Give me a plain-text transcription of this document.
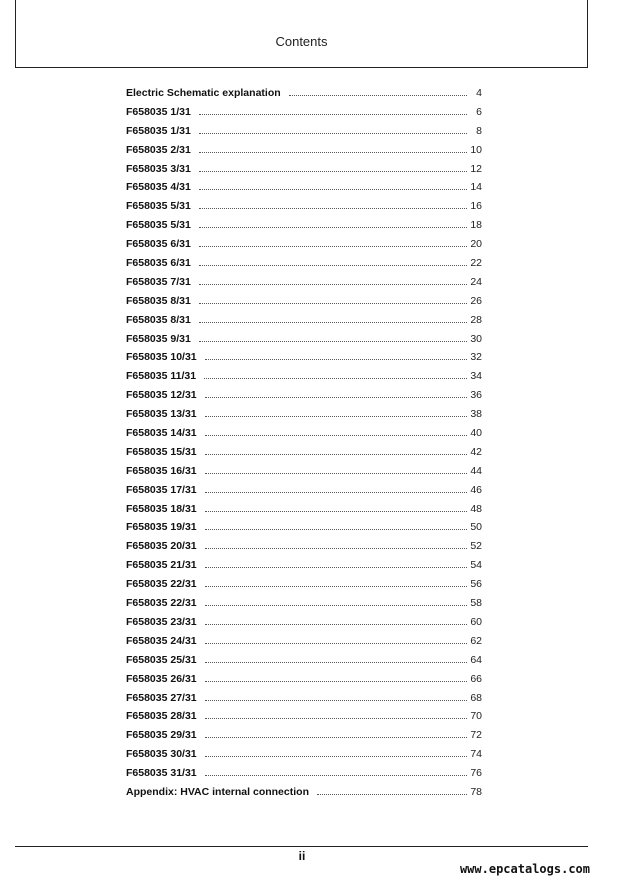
Contents
Electric Schematic explanation	4
F658035 1/31	6
F658035 1/31	8
F658035 2/31	10
F658035 3/31	12
F658035 4/31	14
F658035 5/31	16
F658035 5/31	18
F658035 6/31	20
F658035 6/31	22
F658035 7/31	24
F658035 8/31	26
F658035 8/31	28
F658035 9/31	30
F658035 10/31	32
F658035 11/31	34
F658035 12/31	36
F658035 13/31	38
F658035 14/31	40
F658035 15/31	42
F658035 16/31	44
F658035 17/31	46
F658035 18/31	48
F658035 19/31	50
F658035 20/31	52
F658035 21/31	54
F658035 22/31	56
F658035 22/31	58
F658035 23/31	60
F658035 24/31	62
F658035 25/31	64
F658035 26/31	66
F658035 27/31	68
F658035 28/31	70
F658035 29/31	72
F658035 30/31	74
F658035 31/31	76
Appendix: HVAC internal connection	78
ii
www.epcatalogs.com
